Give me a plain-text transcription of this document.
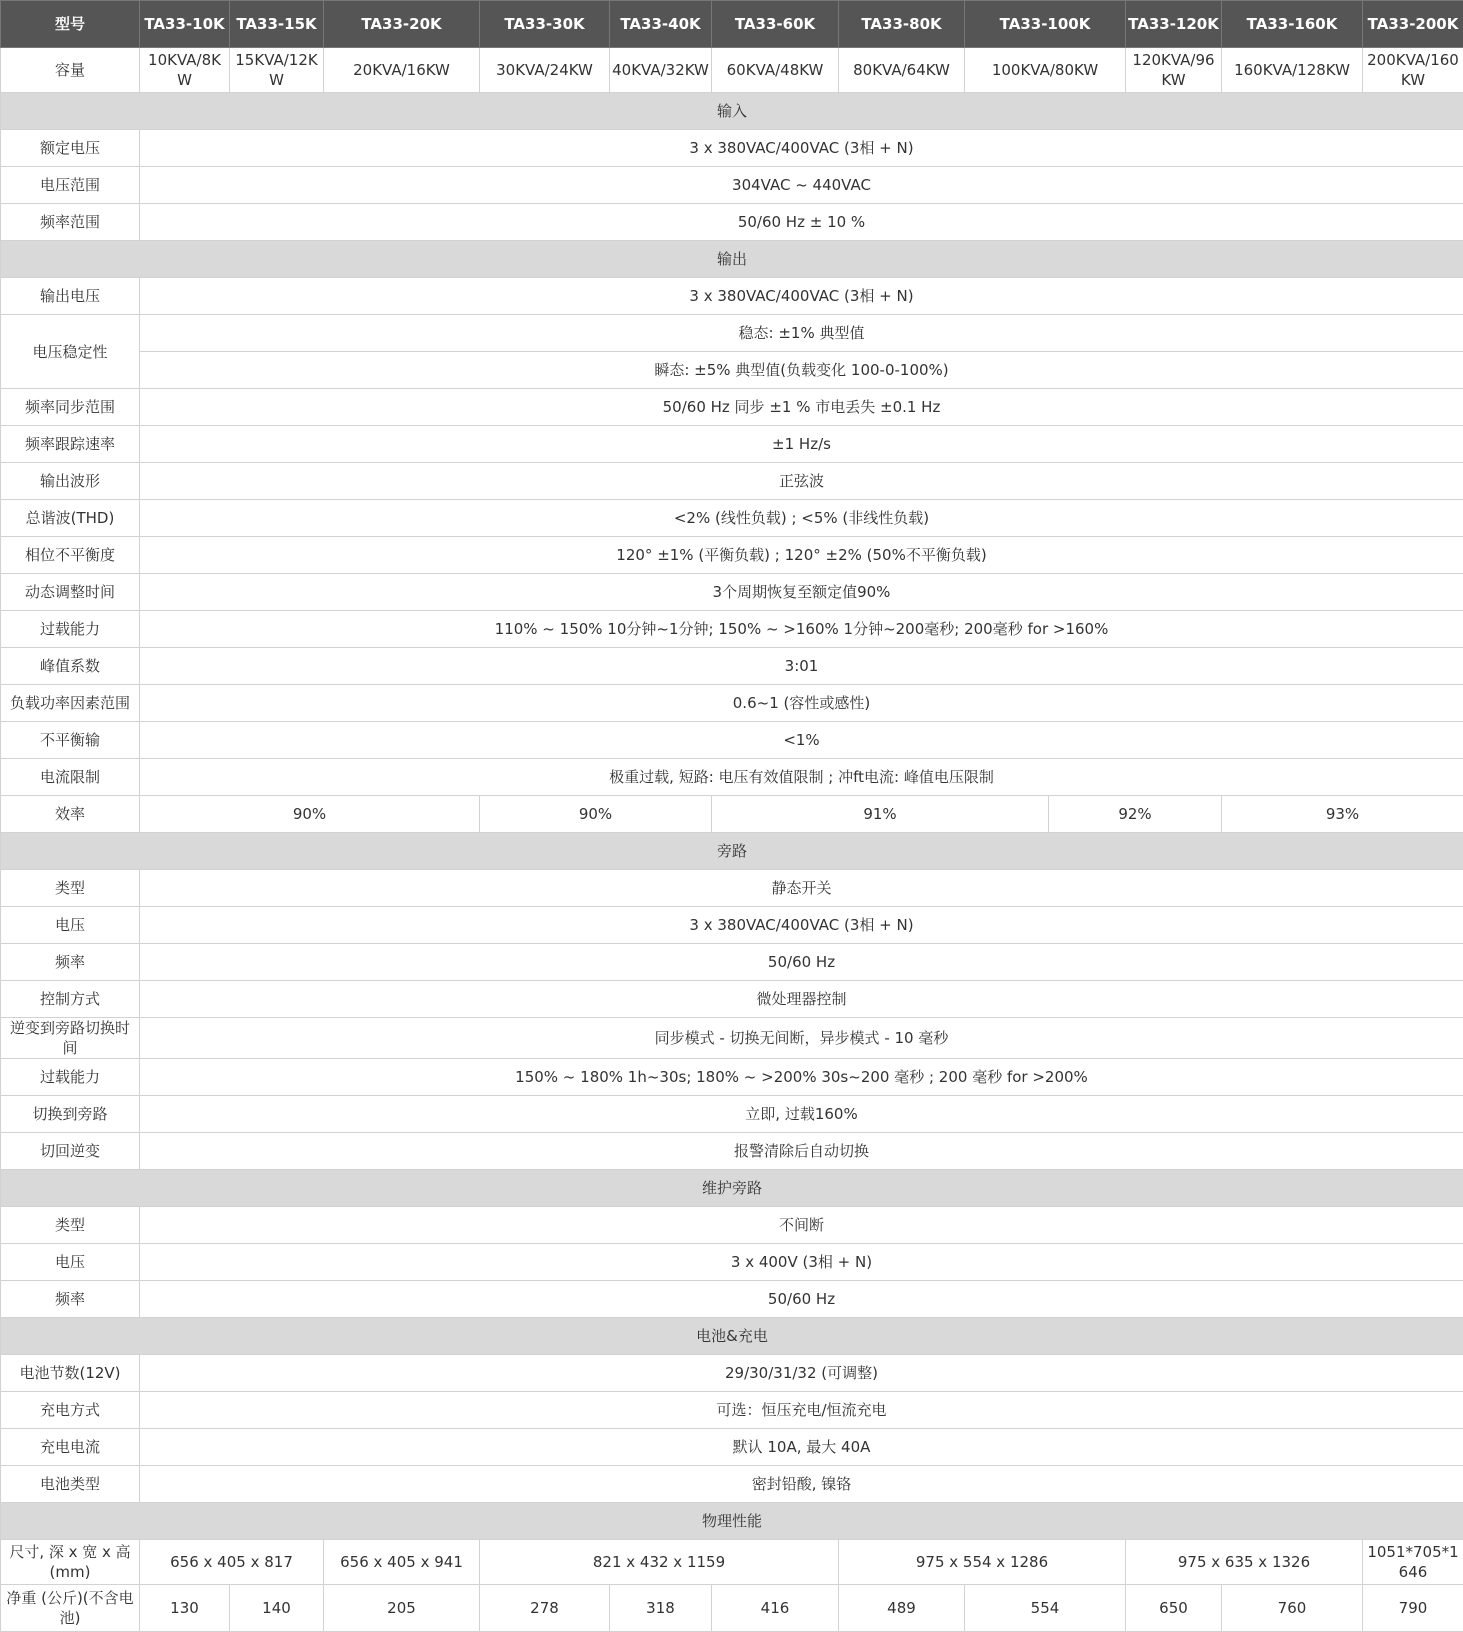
型号	TA33-10K	TA33-15K	TA33-20K	TA33-30K	TA33-40K	TA33-60K	TA33-80K	TA33-100K		TA33-120K	TA33-160K	TA33-200K
容量	10KVA/8KW	15KVA/12KW	20KVA/16KW	30KVA/24KW	40KVA/32KW	60KVA/48KW	80KVA/64KW	100KVA/80KW		120KVA/96KW	160KVA/128KW	200KVA/160KW
输入												
额定电压	3 x 380VAC/400VAC (3相 + N)											
电压范围	304VAC ~ 440VAC											
频率范围	50/60 Hz ± 10 %											
输出												
输出电压	3 x 380VAC/400VAC (3相 + N)											
电压稳定性	稳态: ±1% 典型值											
	瞬态: ±5% 典型值(负载变化 100-0-100%)											
频率同步范围	50/60 Hz 同步 ±1 % 市电丢失 ±0.1 Hz											
频率跟踪速率	±1 Hz/s											
输出波形	正弦波											
总谐波(THD)	<2% (线性负载) ; <5% (非线性负载)											
相位不平衡度	120° ±1% (平衡负载) ; 120° ±2% (50%不平衡负载)											
动态调整时间	3个周期恢复至额定值90%											
过载能力	110% ~ 150% 10分钟~1分钟; 150% ~ >160% 1分钟~200毫秒; 200毫秒 for >160%											
峰值系数	3:01											
负载功率因素范围	0.6~1 (容性或感性)											
不平衡输	<1%											
电流限制	极重过载, 短路: 电压有效值限制 ; 冲ft电流: 峰值电压限制											
效率	90%			90%		91%			92%		93%	
旁路												
类型	静态开关											
电压	3 x 380VAC/400VAC (3相 + N)											
频率	50/60 Hz											
控制方式	微处理器控制											
逆变到旁路切换时间	同步模式 - 切换无间断，异步模式 - 10 毫秒											
过载能力	150% ~ 180% 1h~30s; 180% ~ >200% 30s~200 毫秒 ; 200 毫秒 for >200%											
切换到旁路	立即, 过载160%											
切回逆变	报警清除后自动切换											
维护旁路												
类型	不间断											
电压	3 x 400V (3相 + N)											
频率	50/60 Hz											
电池&充电												
电池节数(12V)	29/30/31/32 (可调整)											
充电方式	可选：恒压充电/恒流充电											
充电电流	默认 10A, 最大 40A											
电池类型	密封铅酸, 镍铬											
物理性能												
尺寸, 深 x 宽 x 高 (mm)	656 x 405 x 817		656 x 405 x 941	821 x 432 x 1159			975 x 554 x 1286			975 x 635 x 1326		1051*705*1646
净重 (公斤)(不含电池)	130	140	205	278	318	416	489	554		650	760	790
